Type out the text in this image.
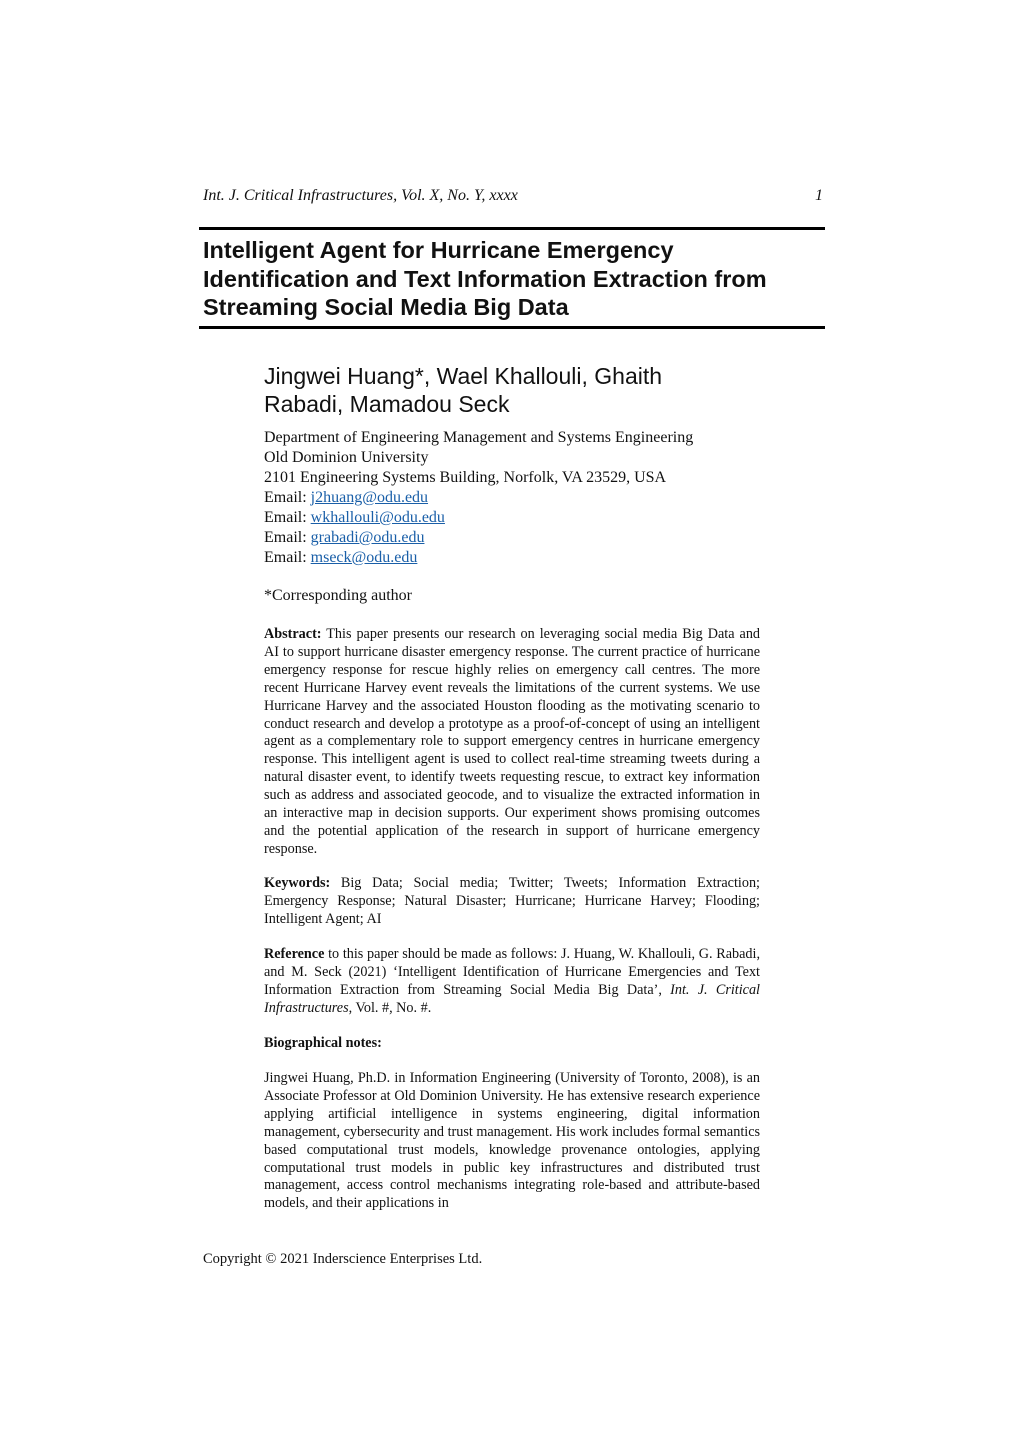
Int. J. Critical Infrastructures, Vol. X, No. Y, xxxx	1
Intelligent Agent for Hurricane Emergency
Identification and Text Information Extraction from
Streaming Social Media Big Data
Jingwei Huang*, Wael Khallouli, Ghaith
Rabadi, Mamadou Seck
Department of Engineering Management and Systems Engineering
Old Dominion University
2101 Engineering Systems Building, Norfolk, VA 23529, USA
Email: j2huang@odu.edu
Email: wkhallouli@odu.edu
Email: grabadi@odu.edu
Email: mseck@odu.edu
*Corresponding author
Abstract: This paper presents our research on leveraging social media Big Data and AI to support hurricane disaster emergency response. The current practice of hurricane emergency response for rescue highly relies on emergency call centres. The more recent Hurricane Harvey event reveals the limitations of the current systems. We use Hurricane Harvey and the associated Houston flooding as the motivating scenario to conduct research and develop a prototype as a proof-of-concept of using an intelligent agent as a complementary role to support emergency centres in hurricane emergency response. This intelligent agent is used to collect real-time streaming tweets during a natural disaster event, to identify tweets requesting rescue, to extract key information such as address and associated geocode, and to visualize the extracted information in an interactive map in decision supports. Our experiment shows promising outcomes and the potential application of the research in support of hurricane emergency response.
Keywords: Big Data; Social media; Twitter; Tweets; Information Extraction; Emergency Response; Natural Disaster; Hurricane; Hurricane Harvey; Flooding; Intelligent Agent; AI
Reference to this paper should be made as follows: J. Huang, W. Khallouli, G. Rabadi, and M. Seck (2021) ‘Intelligent Identification of Hurricane Emergencies and Text Information Extraction from Streaming Social Media Big Data’, Int. J. Critical Infrastructures, Vol. #, No. #.
Biographical notes:
Jingwei Huang, Ph.D. in Information Engineering (University of Toronto, 2008), is an Associate Professor at Old Dominion University. He has extensive research experience applying artificial intelligence in systems engineering, digital information management, cybersecurity and trust management. His work includes formal semantics based computational trust models, knowledge provenance ontologies, applying computational trust models in public key infrastructures and distributed trust management, access control mechanisms integrating role-based and attribute-based models, and their applications in
Copyright © 2021 Inderscience Enterprises Ltd.
